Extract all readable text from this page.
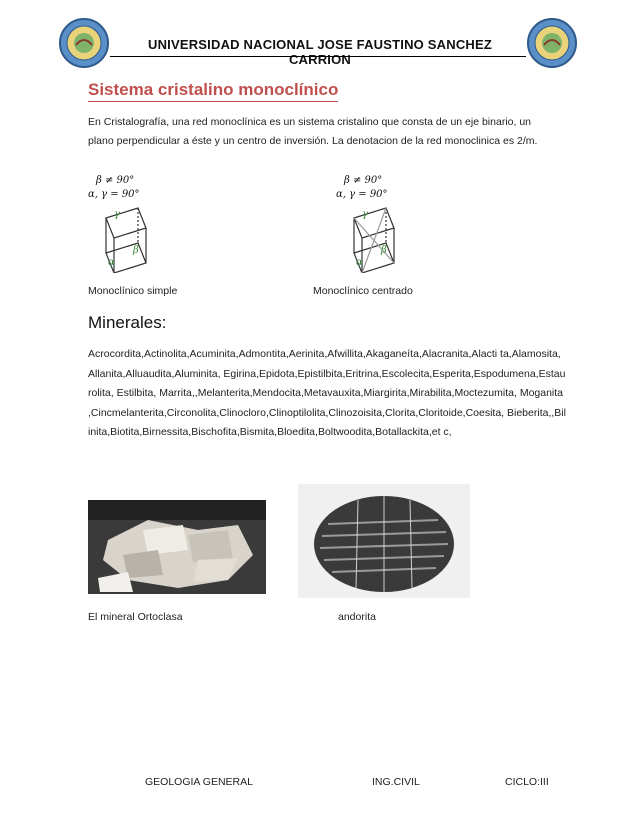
UNIVERSIDAD NACIONAL JOSE FAUSTINO SANCHEZ CARRION
Sistema cristalino monoclínico
En Cristalografía, una red monoclínica es un sistema cristalino que consta de un eje binario, un plano perpendicular a éste y un centro de inversión. La denotacion de la red monoclinica es 2/m.
β ≠ 90°
α, γ = 90°
γ
β
α
β ≠ 90°
α, γ = 90°
γ
β
α
Monoclínico simple	Monoclínico centrado
Minerales:
Acrocordita,Actinolita,Acuminita,Admontita,Aerinita,Afwillita,Akaganeíta,Alacranita,Alacti ta,Alamosita,Allanita,Alluaudita,Aluminita, Egirina,Epidota,Epistilbita,Eritrina,Escolecita,Esperita,Espodumena,Estaurolita, Estilbita, Marrita,,Melanterita,Mendocita,Metavauxita,Miargirita,Mirabilita,Moctezumita, Moganita ,Cincmelanterita,Circonolita,Clinocloro,Clinoptilolita,Clinozoisita,Clorita,Cloritoide,Coesita, Bieberita,,Bilinita,Biotita,Birnessita,Bischofita,Bismita,Bloedita,Boltwoodita,Botallackita,et c,
El mineral Ortoclasa	andorita
GEOLOGIA GENERAL	ING.CIVIL	CICLO:III
